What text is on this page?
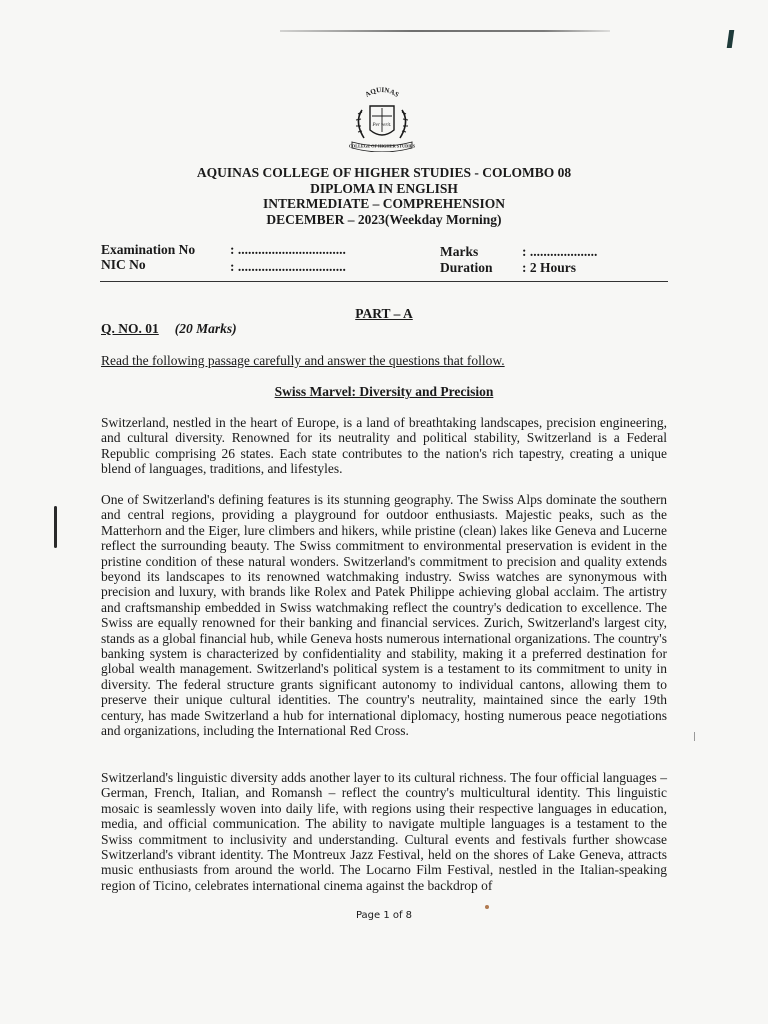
AQUINAS
Per verit.
COLLEGE OF HIGHER STUDIES
AQUINAS COLLEGE OF HIGHER STUDIES - COLOMBO 08
DIPLOMA IN ENGLISH
INTERMEDIATE – COMPREHENSION
DECEMBER – 2023(Weekday Morning)
Examination No	: ................................
NIC No	: ................................
Marks	: ....................
Duration : 2 Hours
PART – A
Q. NO. 01 (20 Marks)
Read the following passage carefully and answer the questions that follow.
Swiss Marvel: Diversity and Precision

Switzerland, nestled in the heart of Europe, is a land of breathtaking landscapes, precision engineering, and cultural diversity. Renowned for its neutrality and political stability, Switzerland is a Federal Republic comprising 26 states. Each state contributes to the nation's rich tapestry, creating a unique blend of languages, traditions, and lifestyles.

One of Switzerland's defining features is its stunning geography. The Swiss Alps dominate the southern and central regions, providing a playground for outdoor enthusiasts. Majestic peaks, such as the Matterhorn and the Eiger, lure climbers and hikers, while pristine (clean) lakes like Geneva and Lucerne reflect the surrounding beauty. The Swiss commitment to environmental preservation is evident in the pristine condition of these natural wonders. Switzerland's commitment to precision and quality extends beyond its landscapes to its renowned watchmaking industry. Swiss watches are synonymous with precision and luxury, with brands like Rolex and Patek Philippe achieving global acclaim. The artistry and craftsmanship embedded in Swiss watchmaking reflect the country's dedication to excellence. The Swiss are equally renowned for their banking and financial services. Zurich, Switzerland's largest city, stands as a global financial hub, while Geneva hosts numerous international organizations. The country's banking system is characterized by confidentiality and stability, making it a preferred destination for global wealth management. Switzerland's political system is a testament to its commitment to unity in diversity. The federal structure grants significant autonomy to individual cantons, allowing them to preserve their unique cultural identities. The country's neutrality, maintained since the early 19th century, has made Switzerland a hub for international diplomacy, hosting numerous peace negotiations and organizations, including the International Red Cross.

Switzerland's linguistic diversity adds another layer to its cultural richness. The four official languages – German, French, Italian, and Romansh – reflect the country's multicultural identity. This linguistic mosaic is seamlessly woven into daily life, with regions using their respective languages in education, media, and official communication. The ability to navigate multiple languages is a testament to the Swiss commitment to inclusivity and understanding. Cultural events and festivals further showcase Switzerland's vibrant identity. The Montreux Jazz Festival, held on the shores of Lake Geneva, attracts music enthusiasts from around the world. The Locarno Film Festival, nestled in the Italian-speaking region of Ticino, celebrates international cinema against the backdrop of

Page 1 of 8
